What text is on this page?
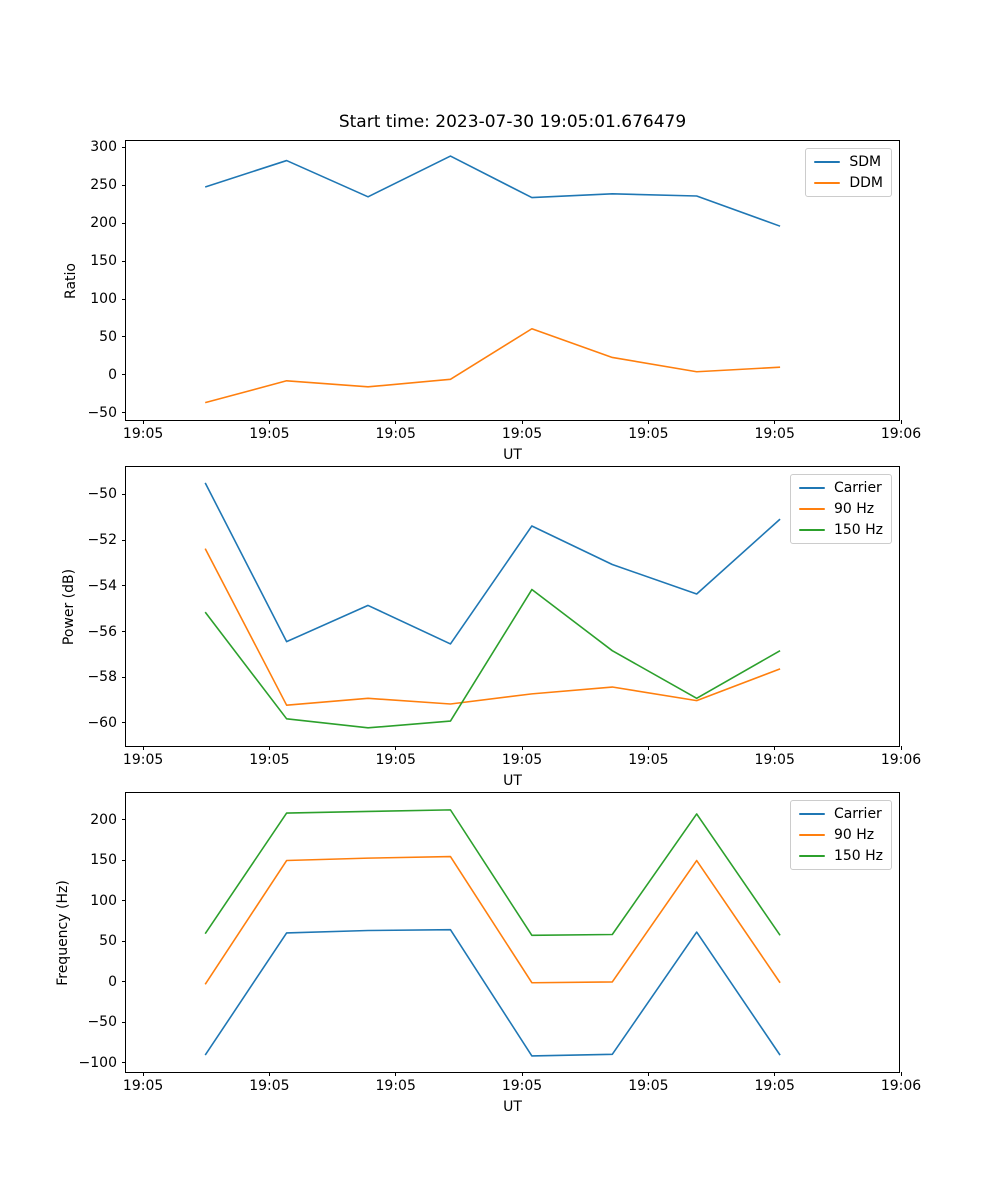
Start time: 2023-07-30 19:05:01.676479
Ratio
UT
300
250
200
150
100
50
0
−50
19:05	19:05	19:05	19:05	19:05	19:05	19:06
SDM
DDM
Power (dB)
UT
−50
−52
−54
−56
−58
−60
19:05	19:05	19:05	19:05	19:05	19:05	19:06
Carrier
90 Hz
150 Hz
Frequency (Hz)
UT
200
150
100
50
0
−50
−100
19:05	19:05	19:05	19:05	19:05	19:05	19:06
Carrier
90 Hz
150 Hz
